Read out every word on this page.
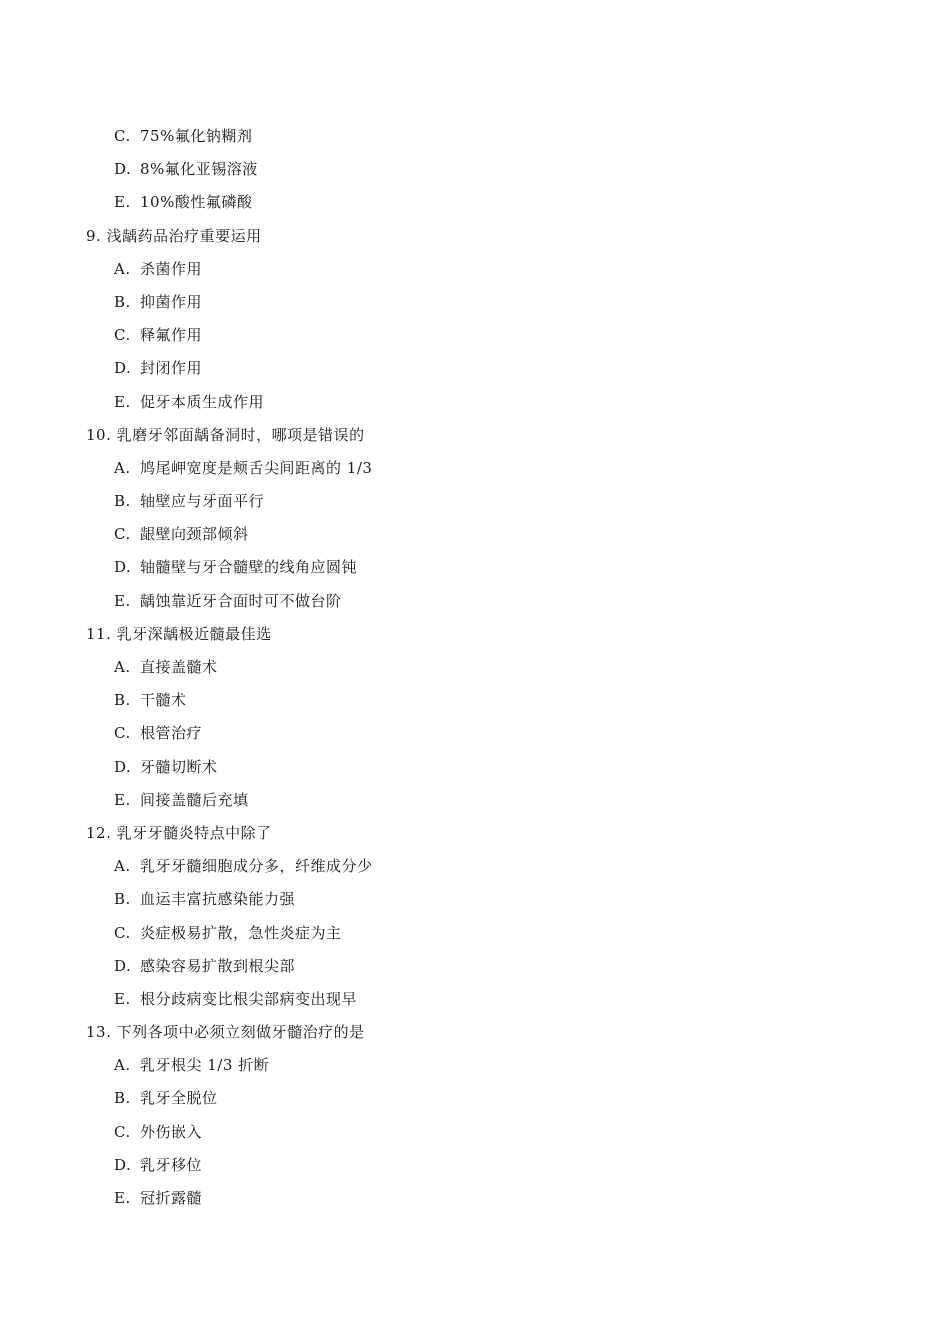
C. 75%氟化钠糊剂
D. 8%氟化亚锡溶液
E. 10%酸性氟磷酸
9. 浅龋药品治疗重要运用
A. 杀菌作用
B. 抑菌作用
C. 释氟作用
D. 封闭作用
E. 促牙本质生成作用
10. 乳磨牙邻面龋备洞时，哪项是错误的
A. 鸠尾岬宽度是颊舌尖间距离的 1/3
B. 轴壁应与牙面平行
C. 龈壁向颈部倾斜
D. 轴髓壁与牙合髓壁的线角应圆钝
E. 龋蚀靠近牙合面时可不做台阶
11. 乳牙深龋极近髓最佳选
A. 直接盖髓术
B. 干髓术
C. 根管治疗
D. 牙髓切断术
E. 间接盖髓后充填
12. 乳牙牙髓炎特点中除了
A. 乳牙牙髓细胞成分多，纤维成分少
B. 血运丰富抗感染能力强
C. 炎症极易扩散，急性炎症为主
D. 感染容易扩散到根尖部
E. 根分歧病变比根尖部病变出现早
13. 下列各项中必须立刻做牙髓治疗的是
A. 乳牙根尖 1/3 折断
B. 乳牙全脱位
C. 外伤嵌入
D. 乳牙移位
E. 冠折露髓
